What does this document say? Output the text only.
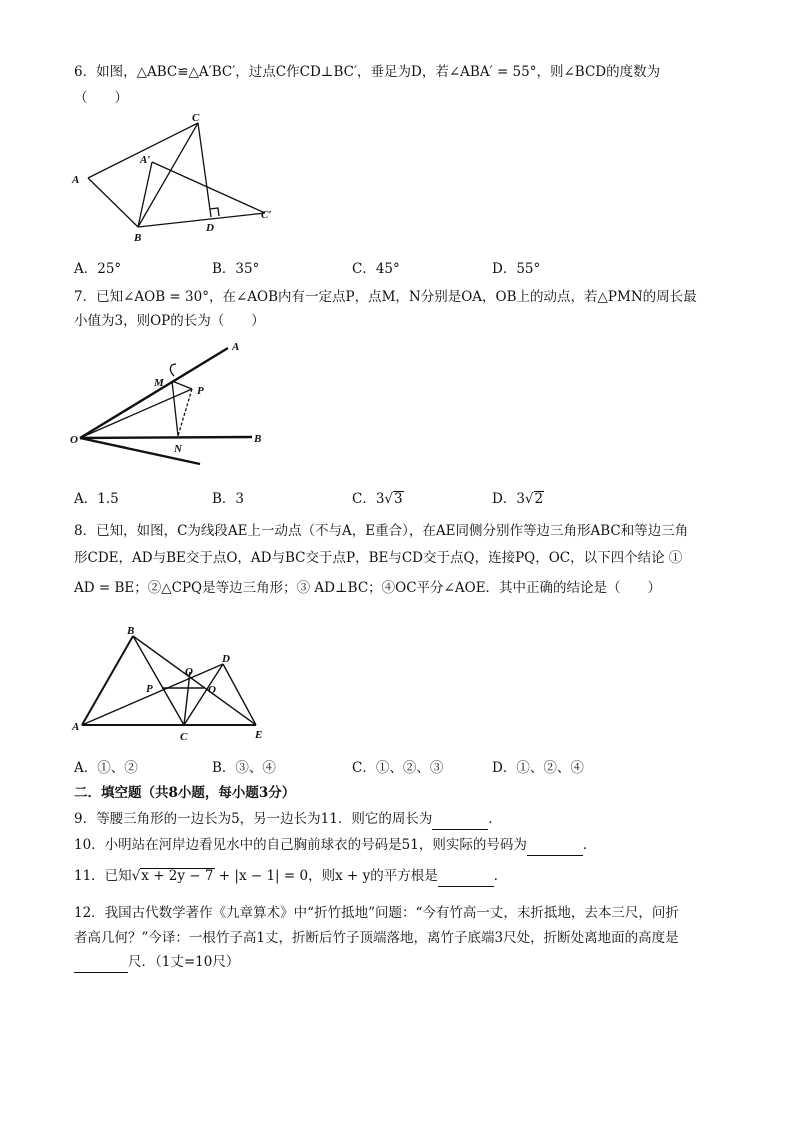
6．如图，△ABC≌△A′BC′，过点C作CD⊥BC′，垂足为D，若∠ABA′ = 55°，则∠BCD的度数为
（　　）
A
A′
C
B
D
C′
A．25°	B．35°	C．45°	D．55°
7．已知∠AOB = 30°，在∠AOB内有一定点P，点M，N分别是OA，OB上的动点，若△PMN的周长最
小值为3，则OP的长为（　　）
A
M
P
O
N
B
A．1.5	B．3	C．3√3	D．3√2
8．已知，如图，C为线段AE上一动点（不与A，E重合），在AE同侧分别作等边三角形ABC和等边三角
形CDE，AD与BE交于点O，AD与BC交于点P，BE与CD交于点Q，连接PQ，OC，以下四个结论 ①
AD = BE；②△CPQ是等边三角形；③ AD⊥BC；④OC平分∠AOE．其中正确的结论是（　　）
B
D
O
P	Q
A
C	E
A．①、②	B．③、④	C．①、②、③	D．①、②、④
二．填空题（共8小题，每小题3分）
9．等腰三角形的一边长为5，另一边长为11．则它的周长为	．
10．小明站在河岸边看见水中的自己胸前球衣的号码是51，则实际的号码为	．
11．已知√x + 2y − 7 + |x − 1| = 0，则x + y的平方根是	．
12．我国古代数学著作《九章算术》中“折竹抵地”问题：“今有竹高一丈，末折抵地，去本三尺，问折
者高几何？”今译：一根竹子高1丈，折断后竹子顶端落地，离竹子底端3尺处，折断处离地面的高度是
尺．（1丈=10尺）
